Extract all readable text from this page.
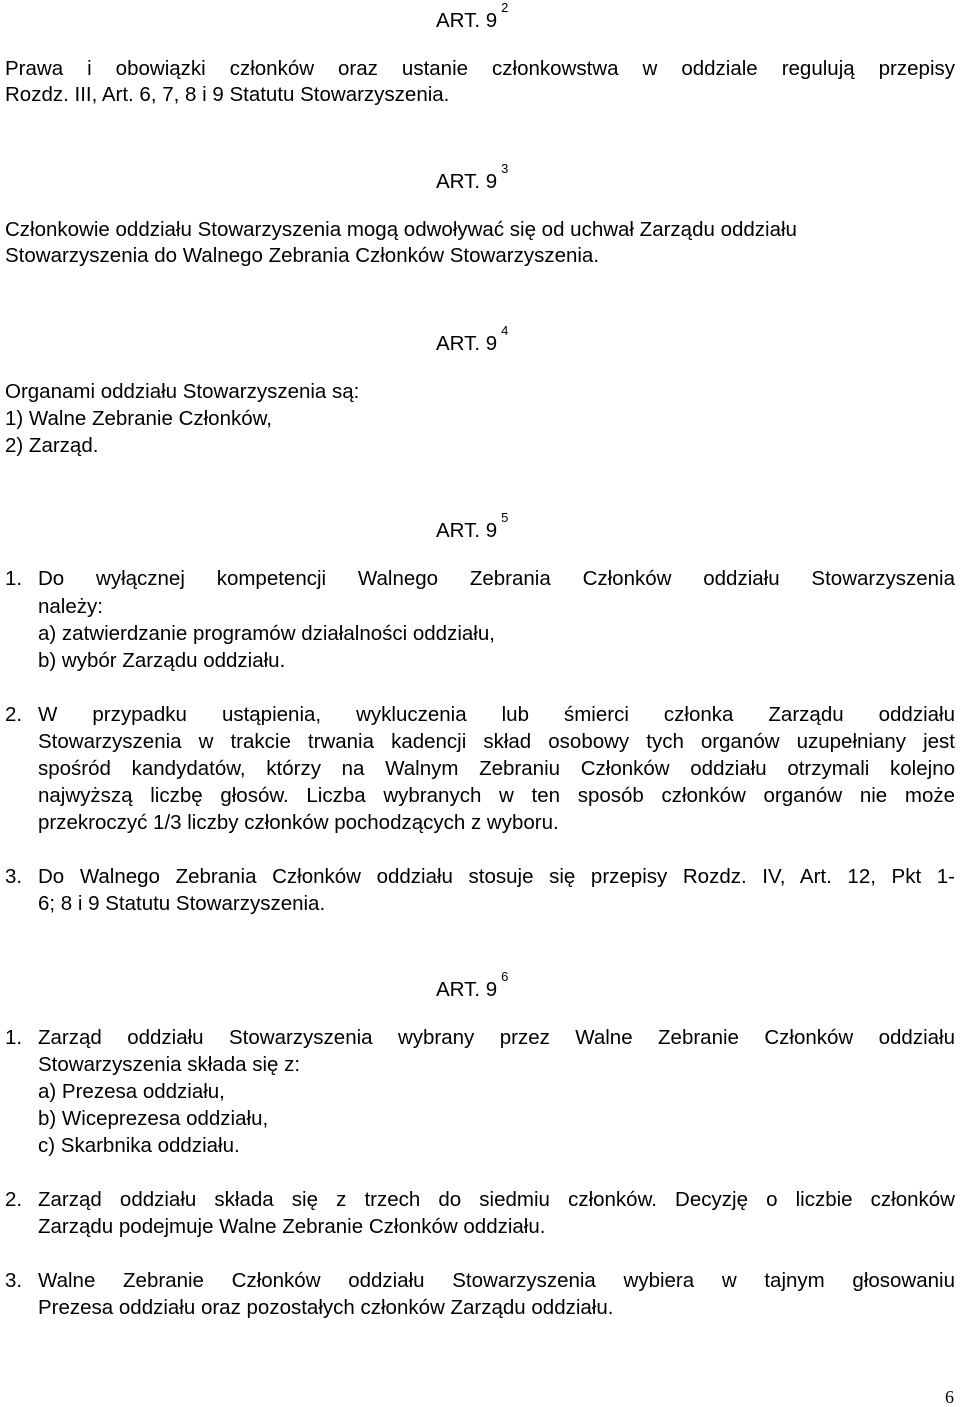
ART. $9^2$
Prawa i obowiązki członków oraz ustanie członkowstwa w oddziale regulują przepisy
Rozdz. III, Art. 6, 7, 8 i 9 Statutu Stowarzyszenia.
ART. $9^3$
Członkowie oddziału Stowarzyszenia mogą odwoływać się od uchwał Zarządu oddziału
Stowarzyszenia do Walnego Zebrania Członków Stowarzyszenia.
ART. $9^4$
Organami oddziału Stowarzyszenia są:
1) Walne Zebranie Członków,
2) Zarząd.
ART. $9^5$
1. Do wyłącznej kompetencji Walnego Zebrania Członków oddziału Stowarzyszenia
należy:
a) zatwierdzanie programów działalności oddziału,
b) wybór Zarządu oddziału.
2. W przypadku ustąpienia, wykluczenia lub śmierci członka Zarządu oddziału
Stowarzyszenia w trakcie trwania kadencji skład osobowy tych organów uzupełniany jest
spośród kandydatów, którzy na Walnym Zebraniu Członków oddziału otrzymali kolejno
najwyższą liczbę głosów. Liczba wybranych w ten sposób członków organów nie może
przekroczyć 1/3 liczby członków pochodzących z wyboru.
3. Do Walnego Zebrania Członków oddziału stosuje się przepisy Rozdz. IV, Art. 12, Pkt 1-
6; 8 i 9 Statutu Stowarzyszenia.
ART. $9^6$
1. Zarząd oddziału Stowarzyszenia wybrany przez Walne Zebranie Członków oddziału
Stowarzyszenia składa się z:
a) Prezesa oddziału,
b) Wiceprezesa oddziału,
c) Skarbnika oddziału.
2. Zarząd oddziału składa się z trzech do siedmiu członków. Decyzję o liczbie członków
Zarządu podejmuje Walne Zebranie Członków oddziału.
3. Walne Zebranie Członków oddziału Stowarzyszenia wybiera w tajnym głosowaniu
Prezesa oddziału oraz pozostałych członków Zarządu oddziału.
6
